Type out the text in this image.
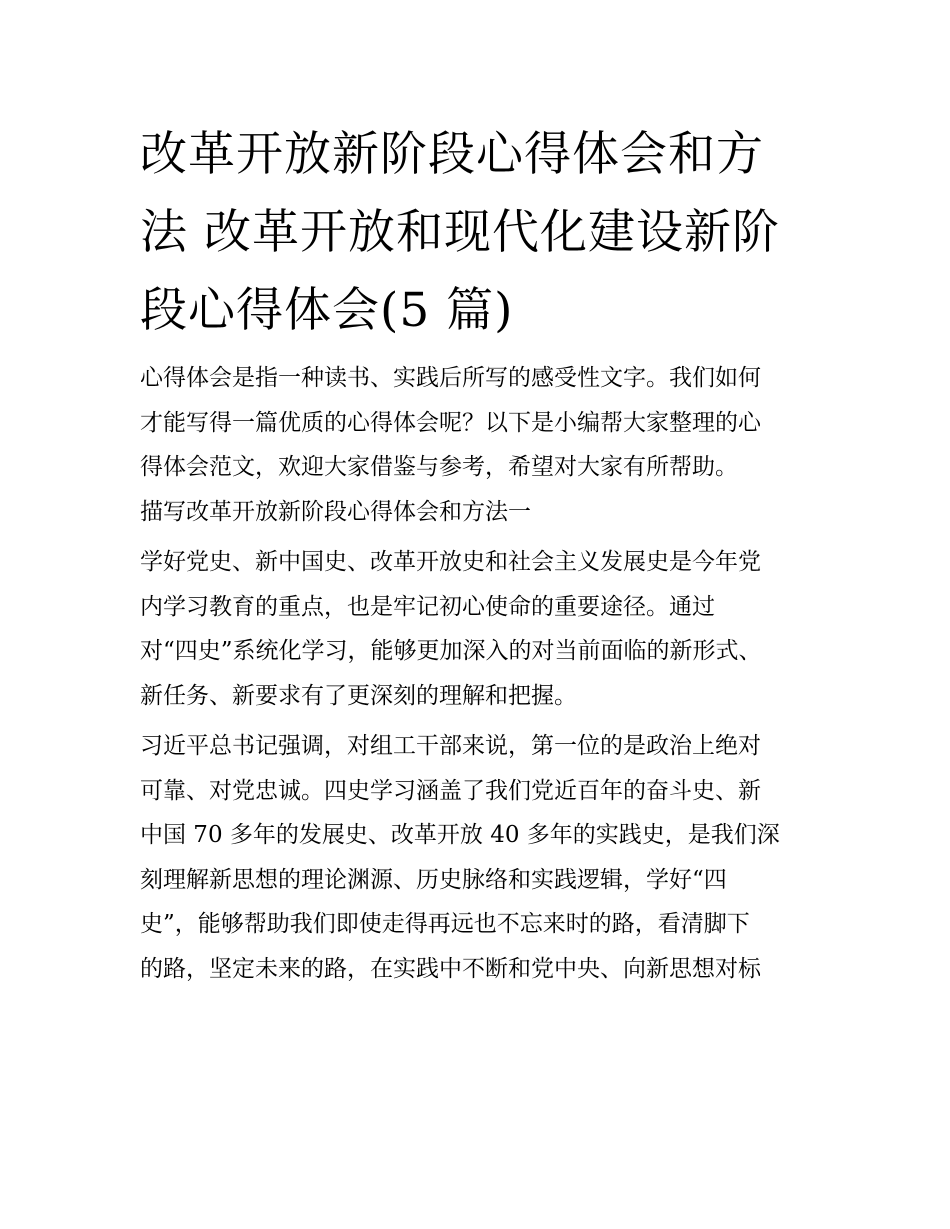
改革开放新阶段心得体会和方
法 改革开放和现代化建设新阶
段心得体会(5 篇)
心得体会是指一种读书、实践后所写的感受性文字。我们如何
才能写得一篇优质的心得体会呢？以下是小编帮大家整理的心
得体会范文，欢迎大家借鉴与参考，希望对大家有所帮助。
描写改革开放新阶段心得体会和方法一
学好党史、新中国史、改革开放史和社会主义发展史是今年党
内学习教育的重点，也是牢记初心使命的重要途径。通过
对“四史”系统化学习，能够更加深入的对当前面临的新形式、
新任务、新要求有了更深刻的理解和把握。
习近平总书记强调，对组工干部来说，第一位的是政治上绝对
可靠、对党忠诚。四史学习涵盖了我们党近百年的奋斗史、新
中国 70 多年的发展史、改革开放 40 多年的实践史，是我们深
刻理解新思想的理论渊源、历史脉络和实践逻辑，学好“四
史”，能够帮助我们即使走得再远也不忘来时的路，看清脚下
的路，坚定未来的路，在实践中不断和党中央、向新思想对标
